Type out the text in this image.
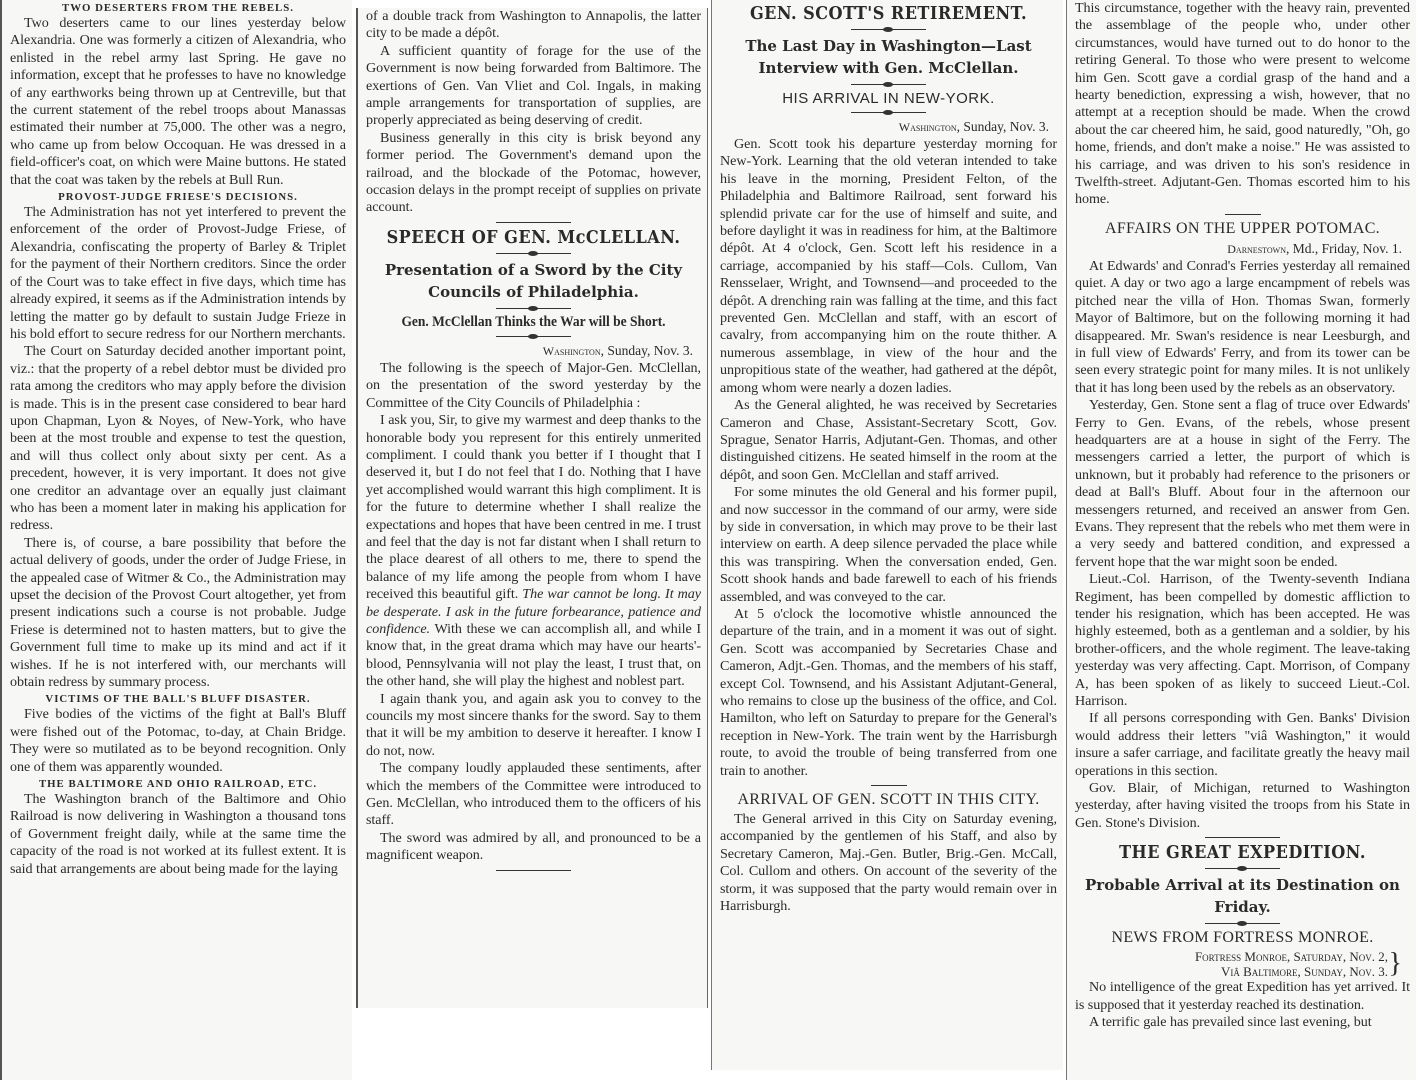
TWO DESERTERS FROM THE REBELS.

Two deserters came to our lines yesterday below Alexandria. One was formerly a citizen of Alexandria, who enlisted in the rebel army last Spring. He gave no information, except that he professes to have no knowledge of any earthworks being thrown up at Centreville, but that the current statement of the rebel troops about Manassas estimated their number at 75,000. The other was a negro, who came up from below Occoquan. He was dressed in a field-officer's coat, on which were Maine buttons. He stated that the coat was taken by the rebels at Bull Run.

PROVOST-JUDGE FRIESE'S DECISIONS.

The Administration has not yet interfered to prevent the enforcement of the order of Provost-Judge Friese, of Alexandria, confiscating the property of Barley & Triplet for the payment of their Northern creditors. Since the order of the Court was to take effect in five days, which time has already expired, it seems as if the Administration intends by letting the matter go by default to sustain Judge Frieze in his bold effort to secure redress for our Northern merchants.

The Court on Saturday decided another important point, viz.: that the property of a rebel debtor must be divided pro rata among the creditors who may apply before the division is made. This is in the present case considered to bear hard upon Chapman, Lyon & Noyes, of New-York, who have been at the most trouble and expense to test the question, and will thus collect only about sixty per cent. As a precedent, however, it is very important. It does not give one creditor an advantage over an equally just claimant who has been a moment later in making his application for redress.

There is, of course, a bare possibility that before the actual delivery of goods, under the order of Judge Friese, in the appealed case of Witmer & Co., the Administration may upset the decision of the Provost Court altogether, yet from present indications such a course is not probable. Judge Friese is determined not to hasten matters, but to give the Government full time to make up its mind and act if it wishes. If he is not interfered with, our merchants will obtain redress by summary process.

VICTIMS OF THE BALL'S BLUFF DISASTER.

Five bodies of the victims of the fight at Ball's Bluff were fished out of the Potomac, to-day, at Chain Bridge. They were so mutilated as to be beyond recognition. Only one of them was apparently wounded.

THE BALTIMORE AND OHIO RAILROAD, ETC.

The Washington branch of the Baltimore and Ohio Railroad is now delivering in Washington a thousand tons of Government freight daily, while at the same time the capacity of the road is not worked at its fullest extent. It is said that arrangements are about being made for the laying

of a double track from Washington to Annapolis, the latter city to be made a dépôt.

A sufficient quantity of forage for the use of the Government is now being forwarded from Baltimore. The exertions of Gen. Van Vliet and Col. Ingals, in making ample arrangements for transportation of supplies, are properly appreciated as being deserving of credit.

Business generally in this city is brisk beyond any former period. The Government's demand upon the railroad, and the blockade of the Potomac, however, occasion delays in the prompt receipt of supplies on private account.

SPEECH OF GEN. McCLELLAN.
Presentation of a Sword by the City Councils of Philadelphia.
Gen. McClellan Thinks the War will be Short.
Washington, Sunday, Nov. 3.

The following is the speech of Major-Gen. McClellan, on the presentation of the sword yesterday by the Committee of the City Councils of Philadelphia :

I ask you, Sir, to give my warmest and deep thanks to the honorable body you represent for this entirely unmerited compliment. I could thank you better if I thought that I deserved it, but I do not feel that I do. Nothing that I have yet accomplished would warrant this high compliment. It is for the future to determine whether I shall realize the expectations and hopes that have been centred in me. I trust and feel that the day is not far distant when I shall return to the place dearest of all others to me, there to spend the balance of my life among the people from whom I have received this beautiful gift. The war cannot be long. It may be desperate. I ask in the future forbearance, patience and confidence. With these we can accomplish all, and while I know that, in the great drama which may have our hearts'-blood, Pennsylvania will not play the least, I trust that, on the other hand, she will play the highest and noblest part.

I again thank you, and again ask you to convey to the councils my most sincere thanks for the sword. Say to them that it will be my ambition to deserve it hereafter. I know I do not, now.

The company loudly applauded these sentiments, after which the members of the Committee were introduced to Gen. McClellan, who introduced them to the officers of his staff.

The sword was admired by all, and pronounced to be a magnificent weapon.

GEN. SCOTT'S RETIREMENT.
The Last Day in Washington—Last Interview with Gen. McClellan.
HIS ARRIVAL IN NEW-YORK.
Washington, Sunday, Nov. 3.

Gen. Scott took his departure yesterday morning for New-York. Learning that the old veteran intended to take his leave in the morning, President Felton, of the Philadelphia and Baltimore Railroad, sent forward his splendid private car for the use of himself and suite, and before daylight it was in readiness for him, at the Baltimore dépôt. At 4 o'clock, Gen. Scott left his residence in a carriage, accompanied by his staff—Cols. Cullom, Van Rensselaer, Wright, and Townsend—and proceeded to the dépôt. A drenching rain was falling at the time, and this fact prevented Gen. McClellan and staff, with an escort of cavalry, from accompanying him on the route thither. A numerous assemblage, in view of the hour and the unpropitious state of the weather, had gathered at the dépôt, among whom were nearly a dozen ladies.

As the General alighted, he was received by Secretaries Cameron and Chase, Assistant-Secretary Scott, Gov. Sprague, Senator Harris, Adjutant-Gen. Thomas, and other distinguished citizens. He seated himself in the room at the dépôt, and soon Gen. McClellan and staff arrived.

For some minutes the old General and his former pupil, and now successor in the command of our army, were side by side in conversation, in which may prove to be their last interview on earth. A deep silence pervaded the place while this was transpiring. When the conversation ended, Gen. Scott shook hands and bade farewell to each of his friends assembled, and was conveyed to the car.

At 5 o'clock the locomotive whistle announced the departure of the train, and in a moment it was out of sight. Gen. Scott was accompanied by Secretaries Chase and Cameron, Adjt.-Gen. Thomas, and the members of his staff, except Col. Townsend, and his Assistant Adjutant-General, who remains to close up the business of the office, and Col. Hamilton, who left on Saturday to prepare for the General's reception in New-York. The train went by the Harrisburgh route, to avoid the trouble of being transferred from one train to another.

ARRIVAL OF GEN. SCOTT IN THIS CITY.

The General arrived in this City on Saturday evening, accompanied by the gentlemen of his Staff, and also by Secretary Cameron, Maj.-Gen. Butler, Brig.-Gen. McCall, Col. Cullom and others. On account of the severity of the storm, it was supposed that the party would remain over in Harrisburgh.

This circumstance, together with the heavy rain, prevented the assemblage of the people who, under other circumstances, would have turned out to do honor to the retiring General. To those who were present to welcome him Gen. Scott gave a cordial grasp of the hand and a hearty benediction, expressing a wish, however, that no attempt at a reception should be made. When the crowd about the car cheered him, he said, good naturedly, "Oh, go home, friends, and don't make a noise." He was assisted to his carriage, and was driven to his son's residence in Twelfth-street. Adjutant-Gen. Thomas escorted him to his home.

AFFAIRS ON THE UPPER POTOMAC.
Darnestown, Md., Friday, Nov. 1.

At Edwards' and Conrad's Ferries yesterday all remained quiet. A day or two ago a large encampment of rebels was pitched near the villa of Hon. Thomas Swan, formerly Mayor of Baltimore, but on the following morning it had disappeared. Mr. Swan's residence is near Leesburgh, and in full view of Edwards' Ferry, and from its tower can be seen every strategic point for many miles. It is not unlikely that it has long been used by the rebels as an observatory.

Yesterday, Gen. Stone sent a flag of truce over Edwards' Ferry to Gen. Evans, of the rebels, whose present headquarters are at a house in sight of the Ferry. The messengers carried a letter, the purport of which is unknown, but it probably had reference to the prisoners or dead at Ball's Bluff. About four in the afternoon our messengers returned, and received an answer from Gen. Evans. They represent that the rebels who met them were in a very seedy and battered condition, and expressed a fervent hope that the war might soon be ended.

Lieut.-Col. Harrison, of the Twenty-seventh Indiana Regiment, has been compelled by domestic affliction to tender his resignation, which has been accepted. He was highly esteemed, both as a gentleman and a soldier, by his brother-officers, and the whole regiment. The leave-taking yesterday was very affecting. Capt. Morrison, of Company A, has been spoken of as likely to succeed Lieut.-Col. Harrison.

If all persons corresponding with Gen. Banks' Division would address their letters "viâ Washington," it would insure a safer carriage, and facilitate greatly the heavy mail operations in this section.

Gov. Blair, of Michigan, returned to Washington yesterday, after having visited the troops from his State in Gen. Stone's Division.

THE GREAT EXPEDITION.
Probable Arrival at its Destination on Friday.
NEWS FROM FORTRESS MONROE.
Fortress Monroe, Saturday, Nov. 2,
Viâ Baltimore, Sunday, Nov. 3. }

No intelligence of the great Expedition has yet arrived. It is supposed that it yesterday reached its destination.

A terrific gale has prevailed since last evening, but
